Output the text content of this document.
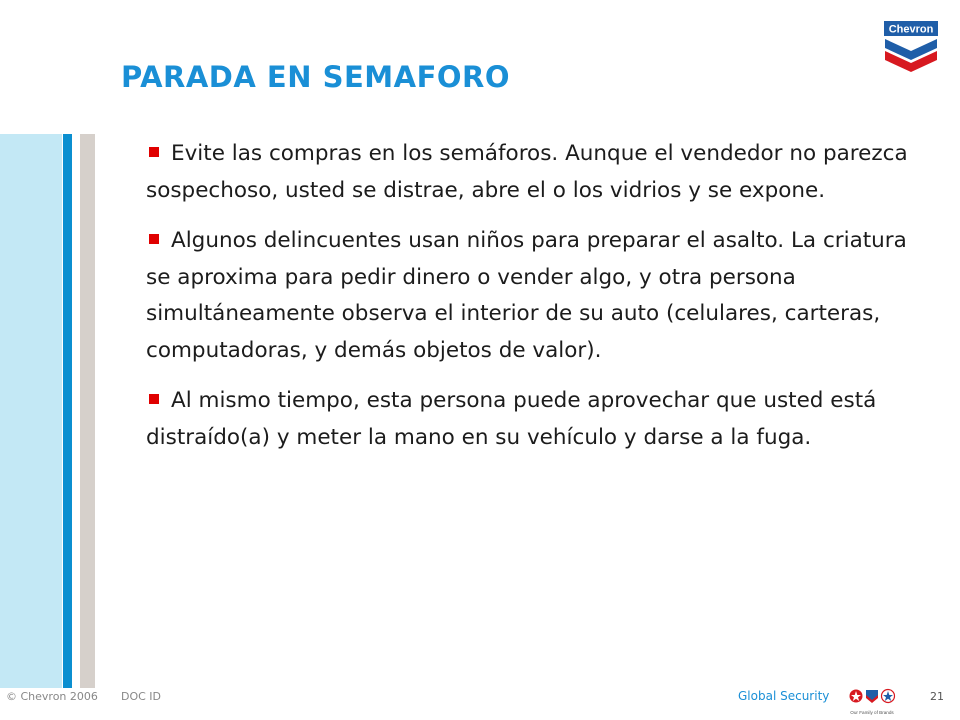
PARADA EN SEMAFORO
Chevron

Evite las compras en los semáforos. Aunque el vendedor no parezca sospechoso, usted se distrae, abre el o los vidrios y se expone.

Algunos delincuentes usan niños para preparar el asalto. La criatura se aproxima para pedir dinero o vender algo, y otra persona simultáneamente observa el interior de su auto (celulares, carteras, computadoras, y demás objetos de valor).

Al mismo tiempo, esta persona puede aprovechar que usted está distraído(a) y meter la mano en su vehículo y darse a la fuga.

© Chevron 2006 DOC ID	Global Security
Our Family of Brands
21
